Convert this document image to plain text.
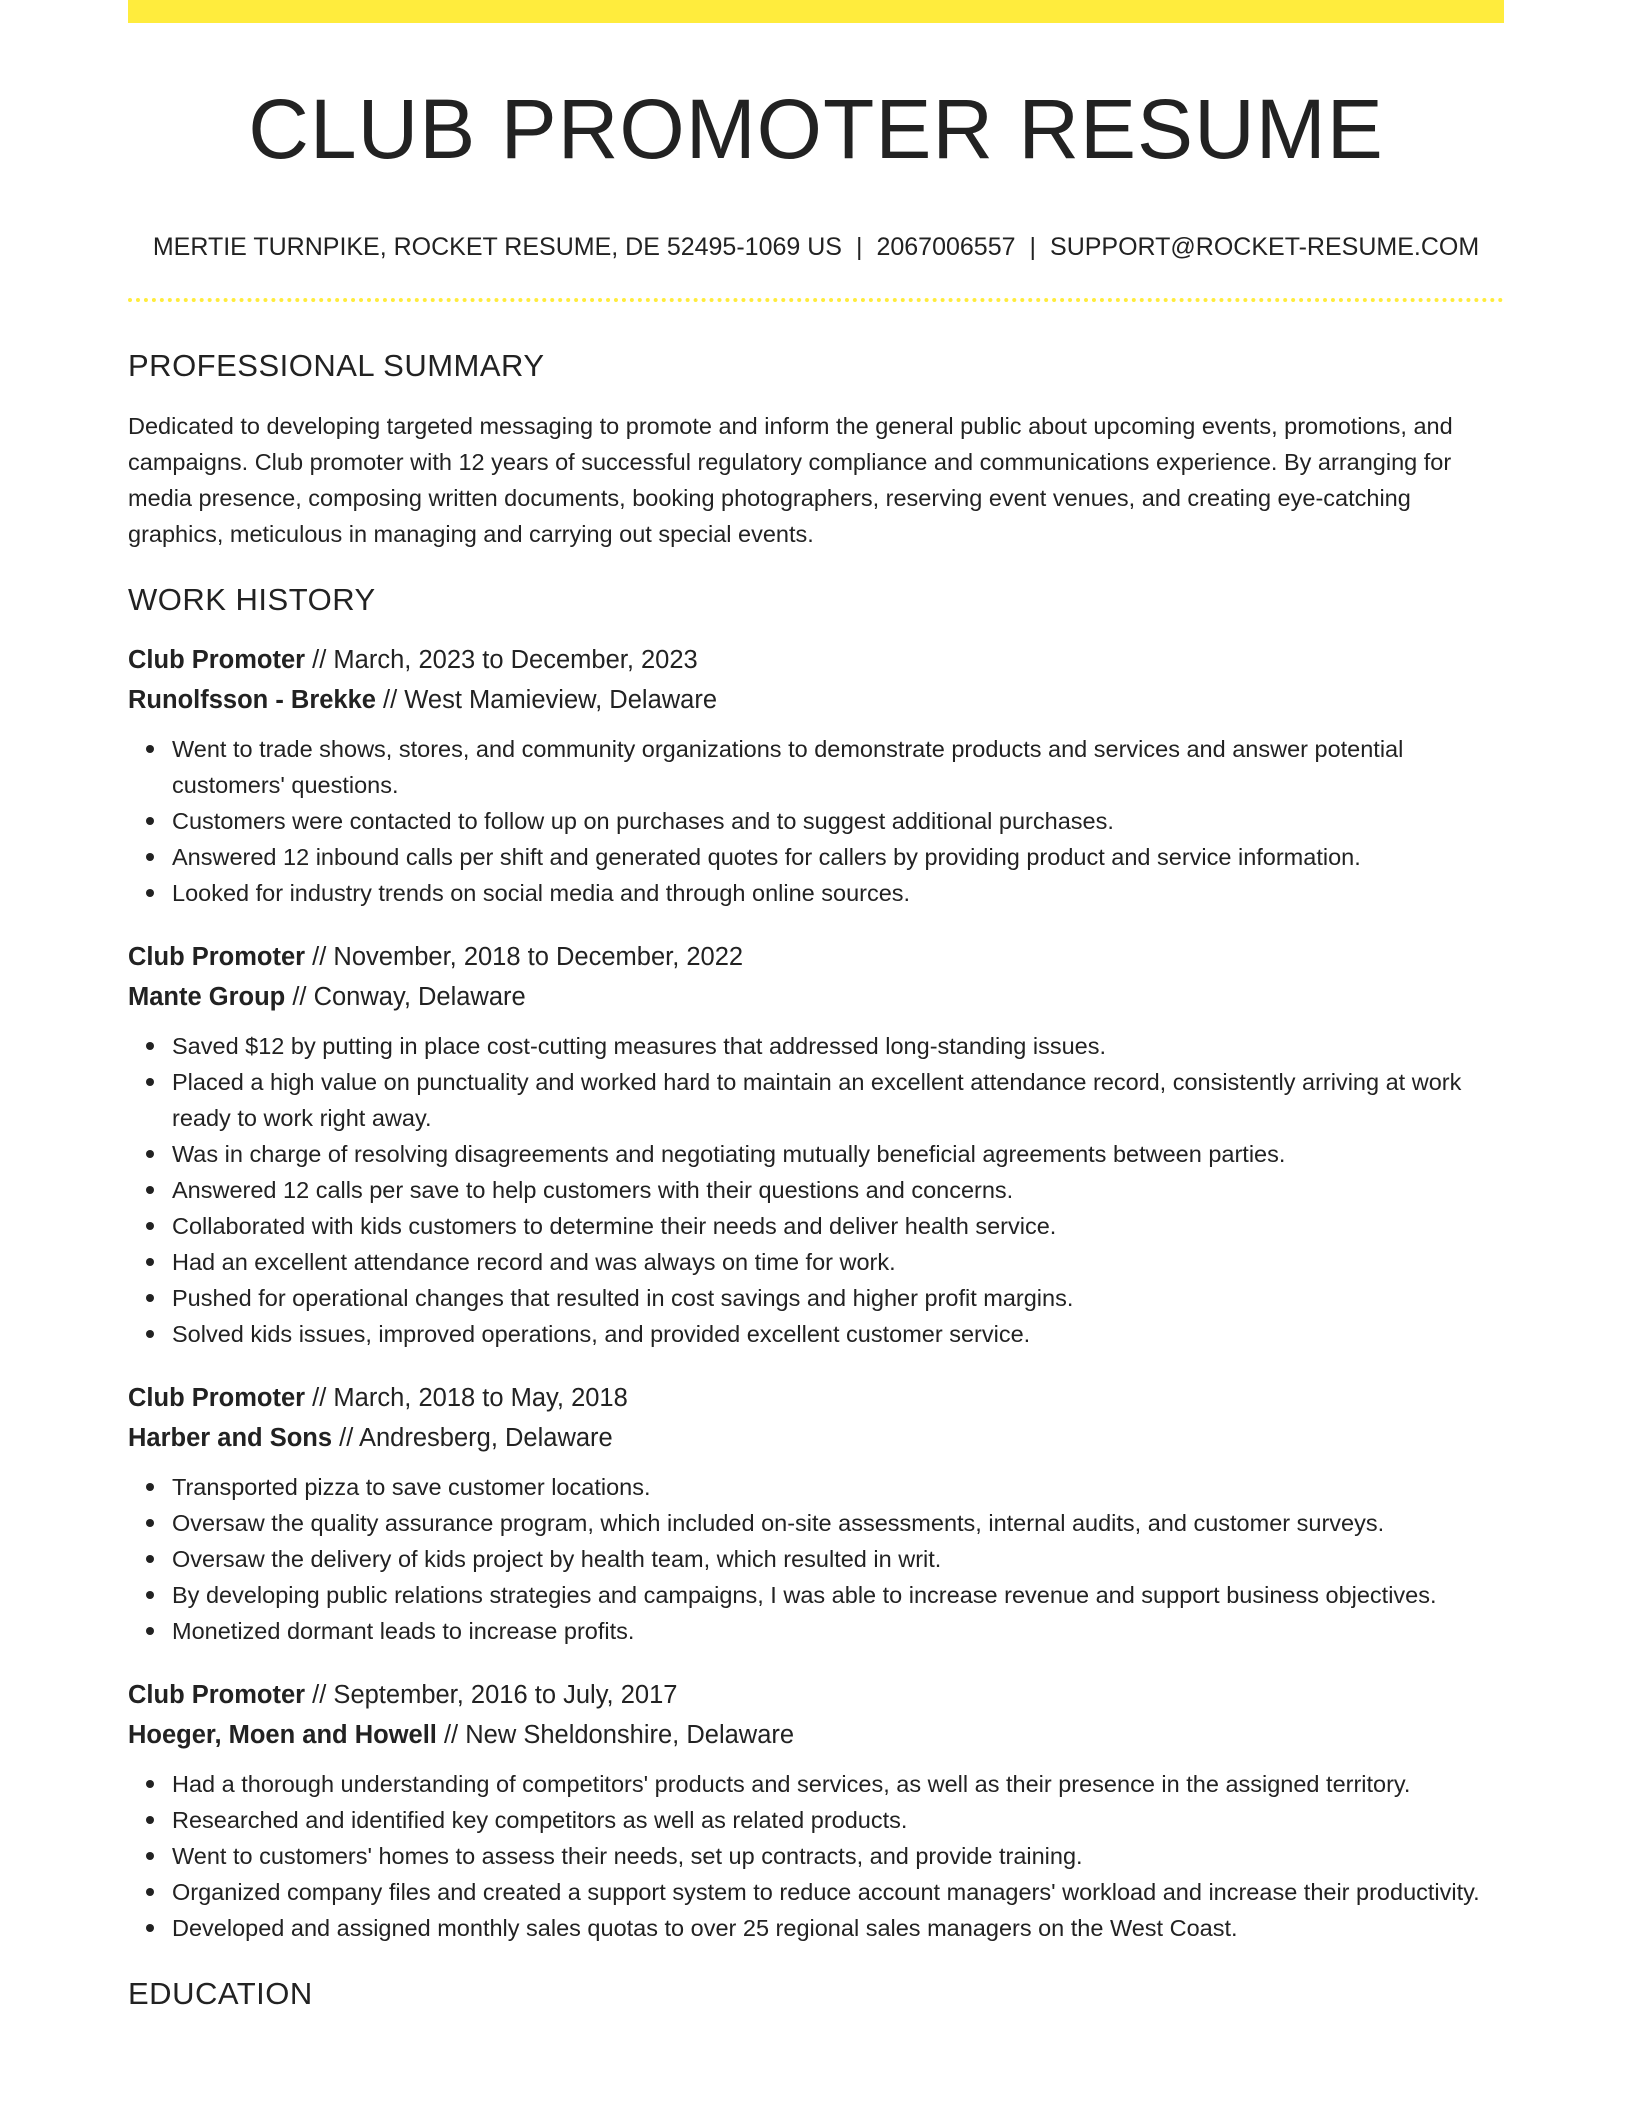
CLUB PROMOTER RESUME
MERTIE TURNPIKE, ROCKET RESUME, DE 52495-1069 US | 2067006557 | SUPPORT@ROCKET-RESUME.COM
PROFESSIONAL SUMMARY
Dedicated to developing targeted messaging to promote and inform the general public about upcoming events, promotions, and campaigns. Club promoter with 12 years of successful regulatory compliance and communications experience. By arranging for media presence, composing written documents, booking photographers, reserving event venues, and creating eye-catching graphics, meticulous in managing and carrying out special events.
WORK HISTORY
Club Promoter // March, 2023 to December, 2023
Runolfsson - Brekke // West Mamieview, Delaware
Went to trade shows, stores, and community organizations to demonstrate products and services and answer potential customers' questions.
Customers were contacted to follow up on purchases and to suggest additional purchases.
Answered 12 inbound calls per shift and generated quotes for callers by providing product and service information.
Looked for industry trends on social media and through online sources.
Club Promoter // November, 2018 to December, 2022
Mante Group // Conway, Delaware
Saved $12 by putting in place cost-cutting measures that addressed long-standing issues.
Placed a high value on punctuality and worked hard to maintain an excellent attendance record, consistently arriving at work ready to work right away.
Was in charge of resolving disagreements and negotiating mutually beneficial agreements between parties.
Answered 12 calls per save to help customers with their questions and concerns.
Collaborated with kids customers to determine their needs and deliver health service.
Had an excellent attendance record and was always on time for work.
Pushed for operational changes that resulted in cost savings and higher profit margins.
Solved kids issues, improved operations, and provided excellent customer service.
Club Promoter // March, 2018 to May, 2018
Harber and Sons // Andresberg, Delaware
Transported pizza to save customer locations.
Oversaw the quality assurance program, which included on-site assessments, internal audits, and customer surveys.
Oversaw the delivery of kids project by health team, which resulted in writ.
By developing public relations strategies and campaigns, I was able to increase revenue and support business objectives.
Monetized dormant leads to increase profits.
Club Promoter // September, 2016 to July, 2017
Hoeger, Moen and Howell // New Sheldonshire, Delaware
Had a thorough understanding of competitors' products and services, as well as their presence in the assigned territory.
Researched and identified key competitors as well as related products.
Went to customers' homes to assess their needs, set up contracts, and provide training.
Organized company files and created a support system to reduce account managers' workload and increase their productivity.
Developed and assigned monthly sales quotas to over 25 regional sales managers on the West Coast.
EDUCATION
